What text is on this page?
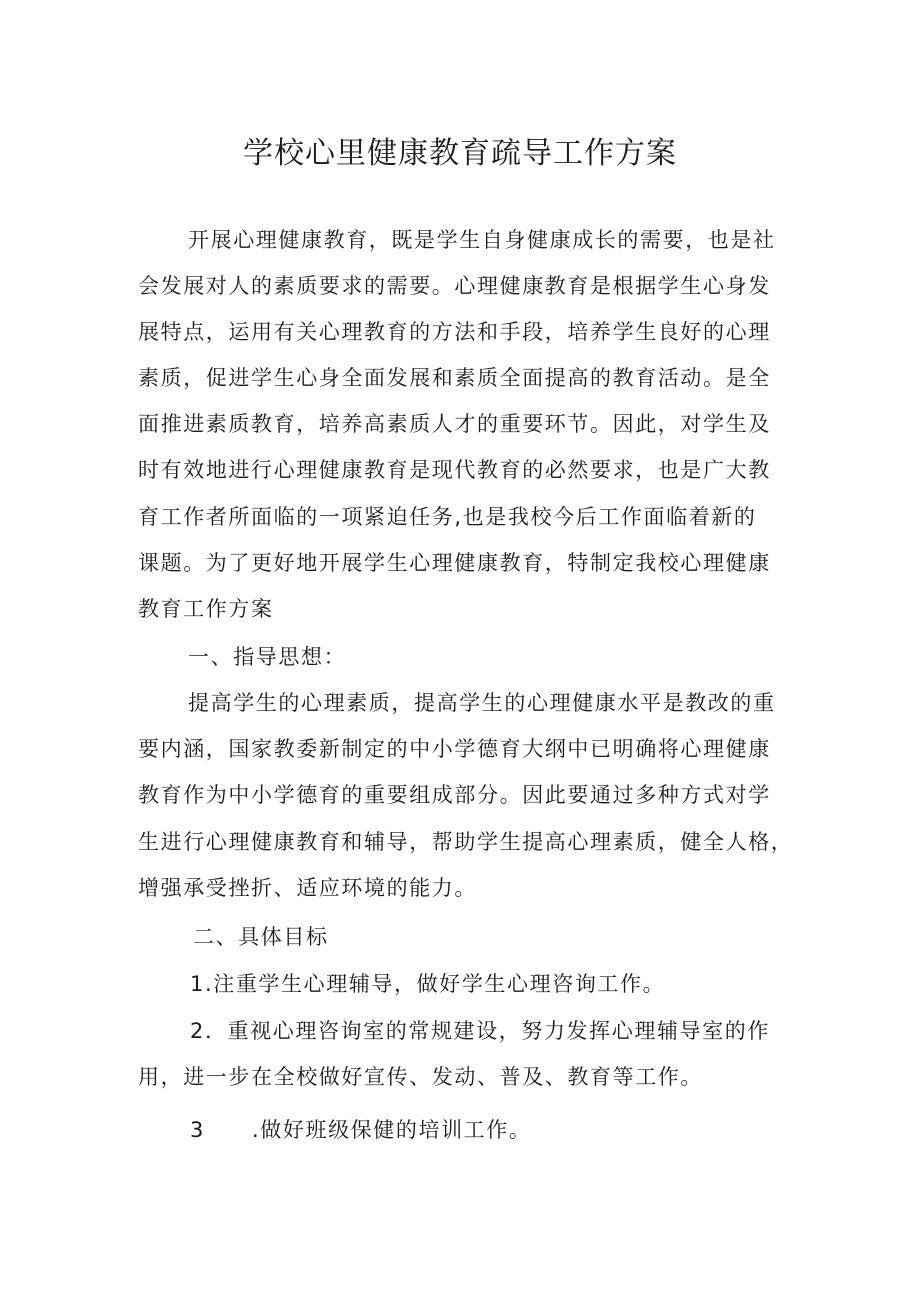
学校心里健康教育疏导工作方案

开展心理健康教育，既是学生自身健康成长的需要，也是社

会发展对人的素质要求的需要。心理健康教育是根据学生心身发

展特点，运用有关心理教育的方法和手段，培养学生良好的心理

素质，促进学生心身全面发展和素质全面提高的教育活动。是全

面推进素质教育，培养高素质人才的重要环节。因此，对学生及

时有效地进行心理健康教育是现代教育的必然要求，也是广大教

育工作者所面临的一项紧迫任务,也是我校今后工作面临着新的

课题。为了更好地开展学生心理健康教育，特制定我校心理健康

教育工作方案

一、指导思想：

提高学生的心理素质，提高学生的心理健康水平是教改的重

要内涵，国家教委新制定的中小学德育大纲中已明确将心理健康

教育作为中小学德育的重要组成部分。因此要通过多种方式对学

生进行心理健康教育和辅导，帮助学生提高心理素质，健全人格，

增强承受挫折、适应环境的能力。

二、具体目标

1.注重学生心理辅导，做好学生心理咨询工作。

2．重视心理咨询室的常规建设，努力发挥心理辅导室的作

用，进一步在全校做好宣传、发动、普及、教育等工作。

3 .做好班级保健的培训工作。
